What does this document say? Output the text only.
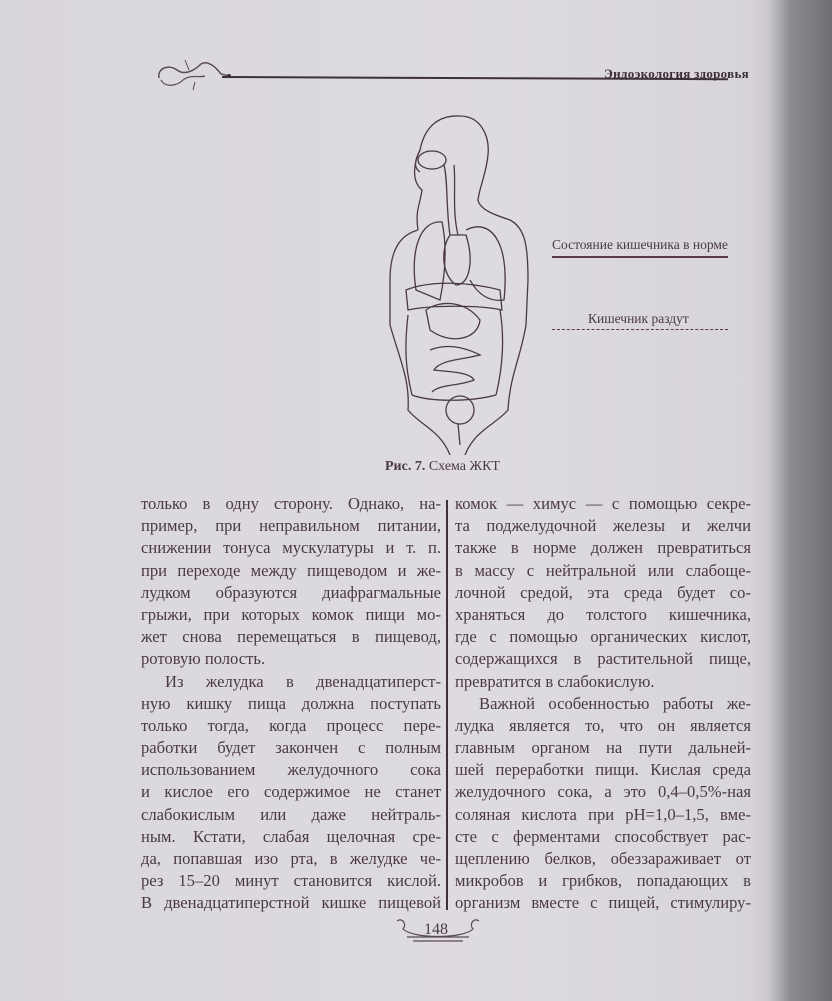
Эндоэкология здоровья
Состояние кишечника в норме
Кишечник раздут
Рис. 7. Схема ЖКТ
только в одну сторону. Однако, на-
пример, при неправильном питании,
снижении тонуса мускулатуры и т. п.
при переходе между пищеводом и же-
лудком образуются диафрагмальные
грыжи, при которых комок пищи мо-
жет снова перемещаться в пищевод,
ротовую полость.
Из желудка в двенадцатиперст-
ную кишку пища должна поступать
только тогда, когда процесс пере-
работки будет закончен с полным
использованием желудочного сока
и кислое его содержимое не станет
слабокислым или даже нейтраль-
ным. Кстати, слабая щелочная сре-
да, попавшая изо рта, в желудке че-
рез 15–20 минут становится кислой.
В двенадцатиперстной кишке пищевой
комок — химус — с помощью секре-
та поджелудочной железы и желчи
также в норме должен превратиться
в массу с нейтральной или слабоще-
лочной средой, эта среда будет со-
храняться до толстого кишечника,
где с помощью органических кислот,
содержащихся в растительной пище,
превратится в слабокислую.
Важной особенностью работы же-
лудка является то, что он является
главным органом на пути дальней-
шей переработки пищи. Кислая среда
желудочного сока, а это 0,4–0,5%-ная
соляная кислота при pH=1,0–1,5, вме-
сте с ферментами способствует рас-
щеплению белков, обеззараживает от
микробов и грибков, попадающих в
организм вместе с пищей, стимулиру-
148
